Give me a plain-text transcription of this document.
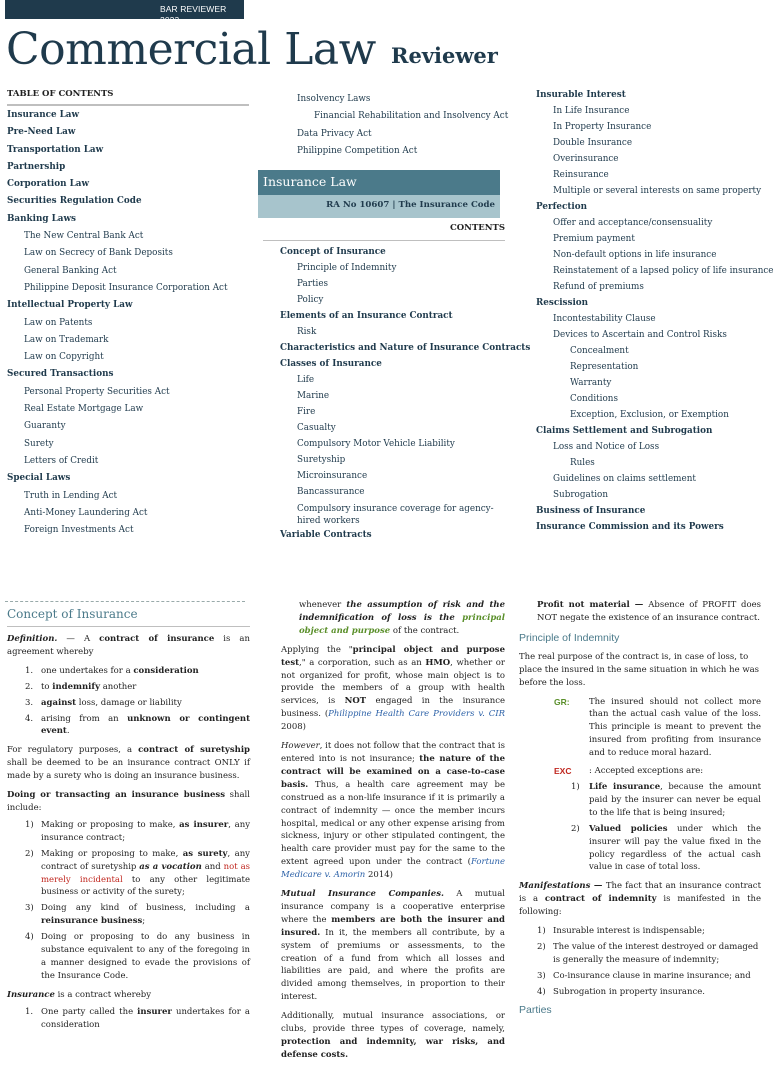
BAR REVIEWER 2023
Commercial Law Reviewer
TABLE OF CONTENTS
Insurance Law
Pre-Need Law
Transportation Law
Partnership
Corporation Law
Securities Regulation Code
Banking Laws
The New Central Bank Act
Law on Secrecy of Bank Deposits
General Banking Act
Philippine Deposit Insurance Corporation Act
Intellectual Property Law
Law on Patents
Law on Trademark
Law on Copyright
Secured Transactions
Personal Property Securities Act
Real Estate Mortgage Law
Guaranty
Surety
Letters of Credit
Special Laws
Truth in Lending Act
Anti-Money Laundering Act
Foreign Investments Act
Insolvency Laws
Financial Rehabilitation and Insolvency Act
Data Privacy Act
Philippine Competition Act
Insurance Law
RA No 10607 | The Insurance Code
CONTENTS
Concept of Insurance
Principle of Indemnity
Parties
Policy
Elements of an Insurance Contract
Risk
Characteristics and Nature of Insurance Contracts
Classes of Insurance
Life
Marine
Fire
Casualty
Compulsory Motor Vehicle Liability
Suretyship
Microinsurance
Bancassurance
Compulsory insurance coverage for agency-hired workers
Variable Contracts
Insurable Interest
In Life Insurance
In Property Insurance
Double Insurance
Overinsurance
Reinsurance
Multiple or several interests on same property
Perfection
Offer and acceptance/consensuality
Premium payment
Non-default options in life insurance
Reinstatement of a lapsed policy of life insurance
Refund of premiums
Rescission
Incontestability Clause
Devices to Ascertain and Control Risks
Concealment
Representation
Warranty
Conditions
Exception, Exclusion, or Exemption
Claims Settlement and Subrogation
Loss and Notice of Loss
Rules
Guidelines on claims settlement
Subrogation
Business of Insurance
Insurance Commission and its Powers
Concept of Insurance

Definition. — A contract of insurance is an agreement whereby

1. one undertakes for a consideration
2. to indemnify another
3. against loss, damage or liability
4. arising from an unknown or contingent event.

For regulatory purposes, a contract of suretyship shall be deemed to be an insurance contract ONLY if made by a surety who is doing an insurance business.

Doing or transacting an insurance business shall include:

1) Making or proposing to make, as insurer, any insurance contract;
2) Making or proposing to make, as surety, any contract of suretyship as a vocation and not as merely incidental to any other legitimate business or activity of the surety;
3) Doing any kind of business, including a reinsurance business;
4) Doing or proposing to do any business in substance equivalent to any of the foregoing in a manner designed to evade the provisions of the Insurance Code.

Insurance is a contract whereby

1. One party called the insurer undertakes for a consideration

whenever the assumption of risk and the indemnification of loss is the principal object and purpose of the contract.

Applying the "principal object and purpose test," a corporation, such as an HMO, whether or not organized for profit, whose main object is to provide the members of a group with health services, is NOT engaged in the insurance business. (Philippine Health Care Providers v. CIR 2008)

However, it does not follow that the contract that is entered into is not insurance; the nature of the contract will be examined on a case-to-case basis. Thus, a health care agreement may be construed as a non-life insurance if it is primarily a contract of indemnity — once the member incurs hospital, medical or any other expense arising from sickness, injury or other stipulated contingent, the health care provider must pay for the same to the extent agreed upon under the contract (Fortune Medicare v. Amorin 2014)

Mutual Insurance Companies. A mutual insurance company is a cooperative enterprise where the members are both the insurer and insured. In it, the members all contribute, by a system of premiums or assessments, to the creation of a fund from which all losses and liabilities are paid, and where the profits are divided among themselves, in proportion to their interest.

Additionally, mutual insurance associations, or clubs, provide three types of coverage, namely, protection and indemnity, war risks, and defense costs.

Profit not material — Absence of PROFIT does NOT negate the existence of an insurance contract.

Principle of Indemnity

The real purpose of the contract is, in case of loss, to place the insured in the same situation in which he was before the loss.

GR: The insured should not collect more than the actual cash value of the loss. This principle is meant to prevent the insured from profiting from insurance and to reduce moral hazard.
EXC : Accepted exceptions are:
1) Life insurance, because the amount paid by the insurer can never be equal to the life that is being insured;
2) Valued policies under which the insurer will pay the value fixed in the policy regardless of the actual cash value in case of total loss.

Manifestations — The fact that an insurance contract is a contract of indemnity is manifested in the following:

1) Insurable interest is indispensable;
2) The value of the interest destroyed or damaged is generally the measure of indemnity;
3) Co-insurance clause in marine insurance; and
4) Subrogation in property insurance.
Parties
